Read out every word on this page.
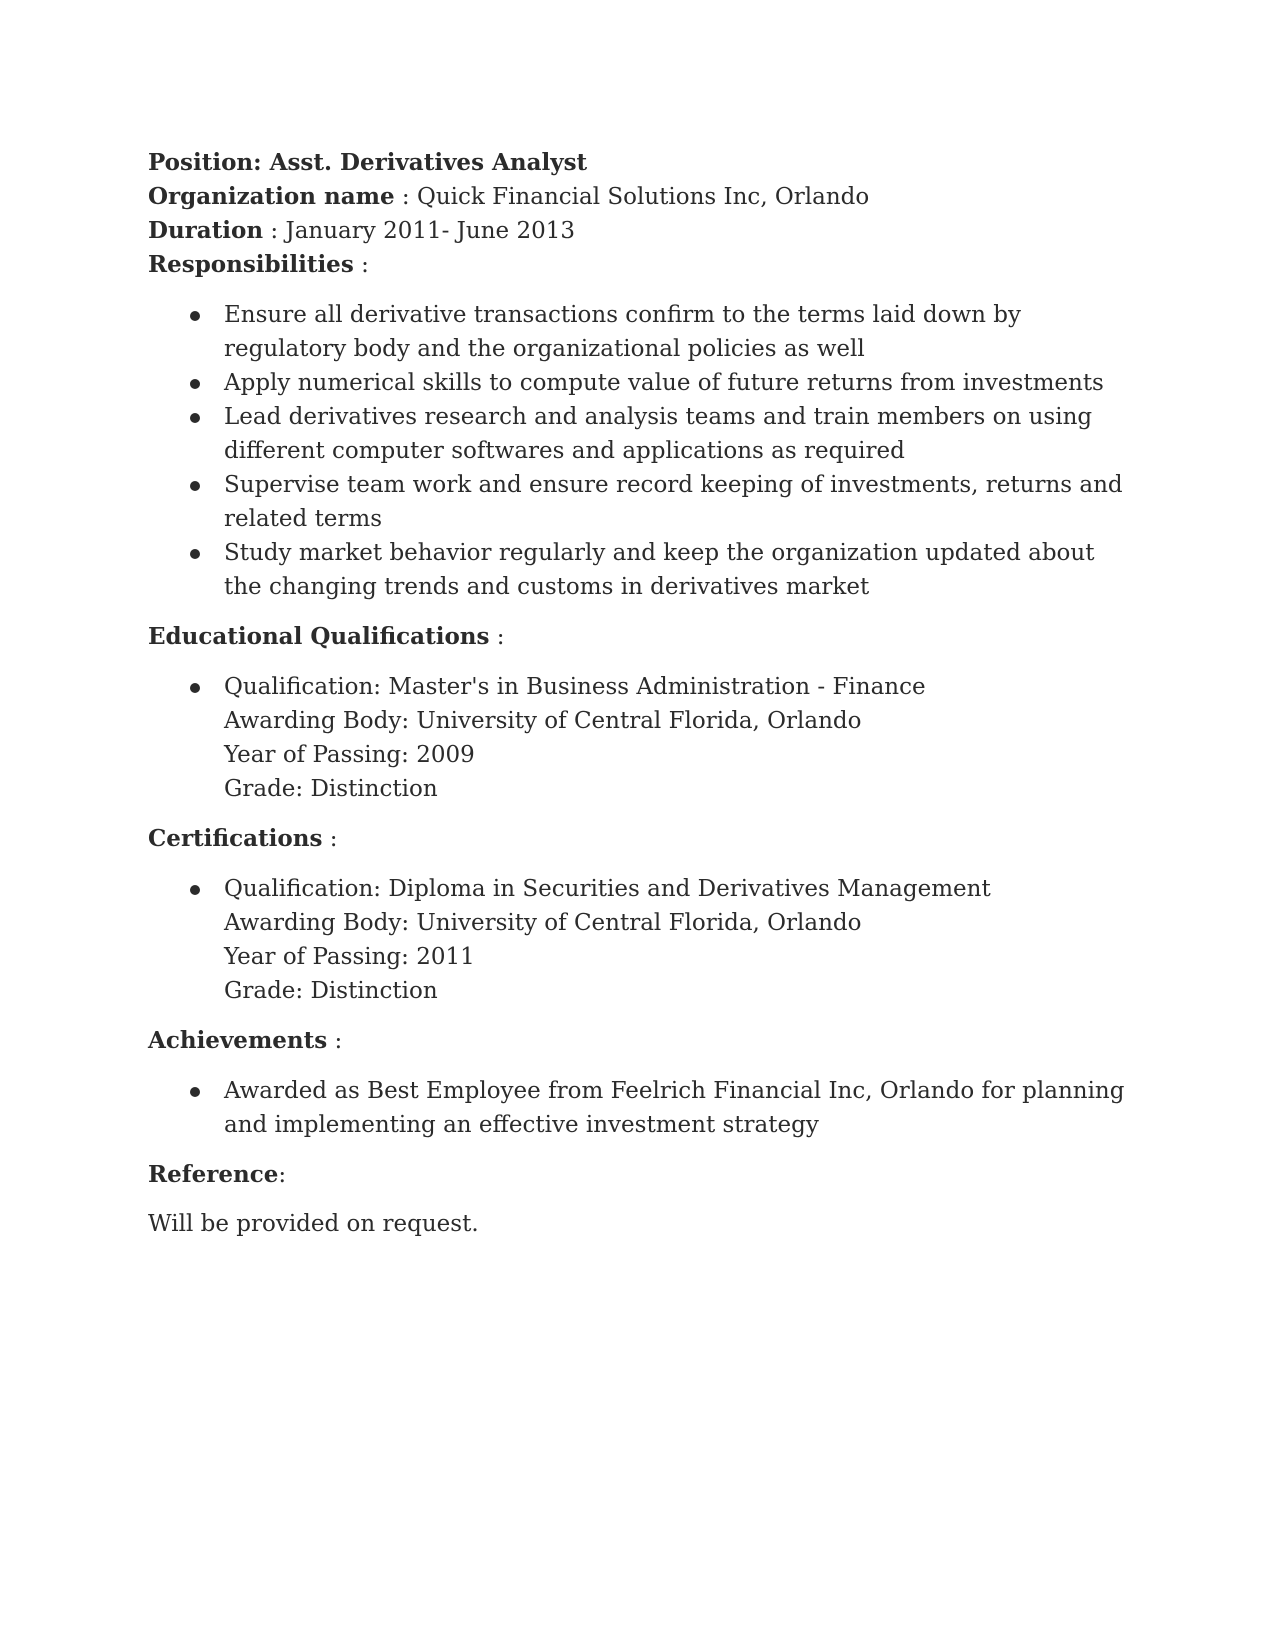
Position: Asst. Derivatives Analyst
Organization name : Quick Financial Solutions Inc, Orlando
Duration : January 2011- June 2013
Responsibilities :
Ensure all derivative transactions confirm to the terms laid down by regulatory body and the organizational policies as well
Apply numerical skills to compute value of future returns from investments
Lead derivatives research and analysis teams and train members on using different computer softwares and applications as required
Supervise team work and ensure record keeping of investments, returns and related terms
Study market behavior regularly and keep the organization updated about the changing trends and customs in derivatives market
Educational Qualifications :
Qualification: Master's in Business Administration - Finance
Awarding Body: University of Central Florida, Orlando
Year of Passing: 2009
Grade: Distinction
Certifications :
Qualification: Diploma in Securities and Derivatives Management
Awarding Body: University of Central Florida, Orlando
Year of Passing: 2011
Grade: Distinction
Achievements :
Awarded as Best Employee from Feelrich Financial Inc, Orlando for planning and implementing an effective investment strategy
Reference:
Will be provided on request.
